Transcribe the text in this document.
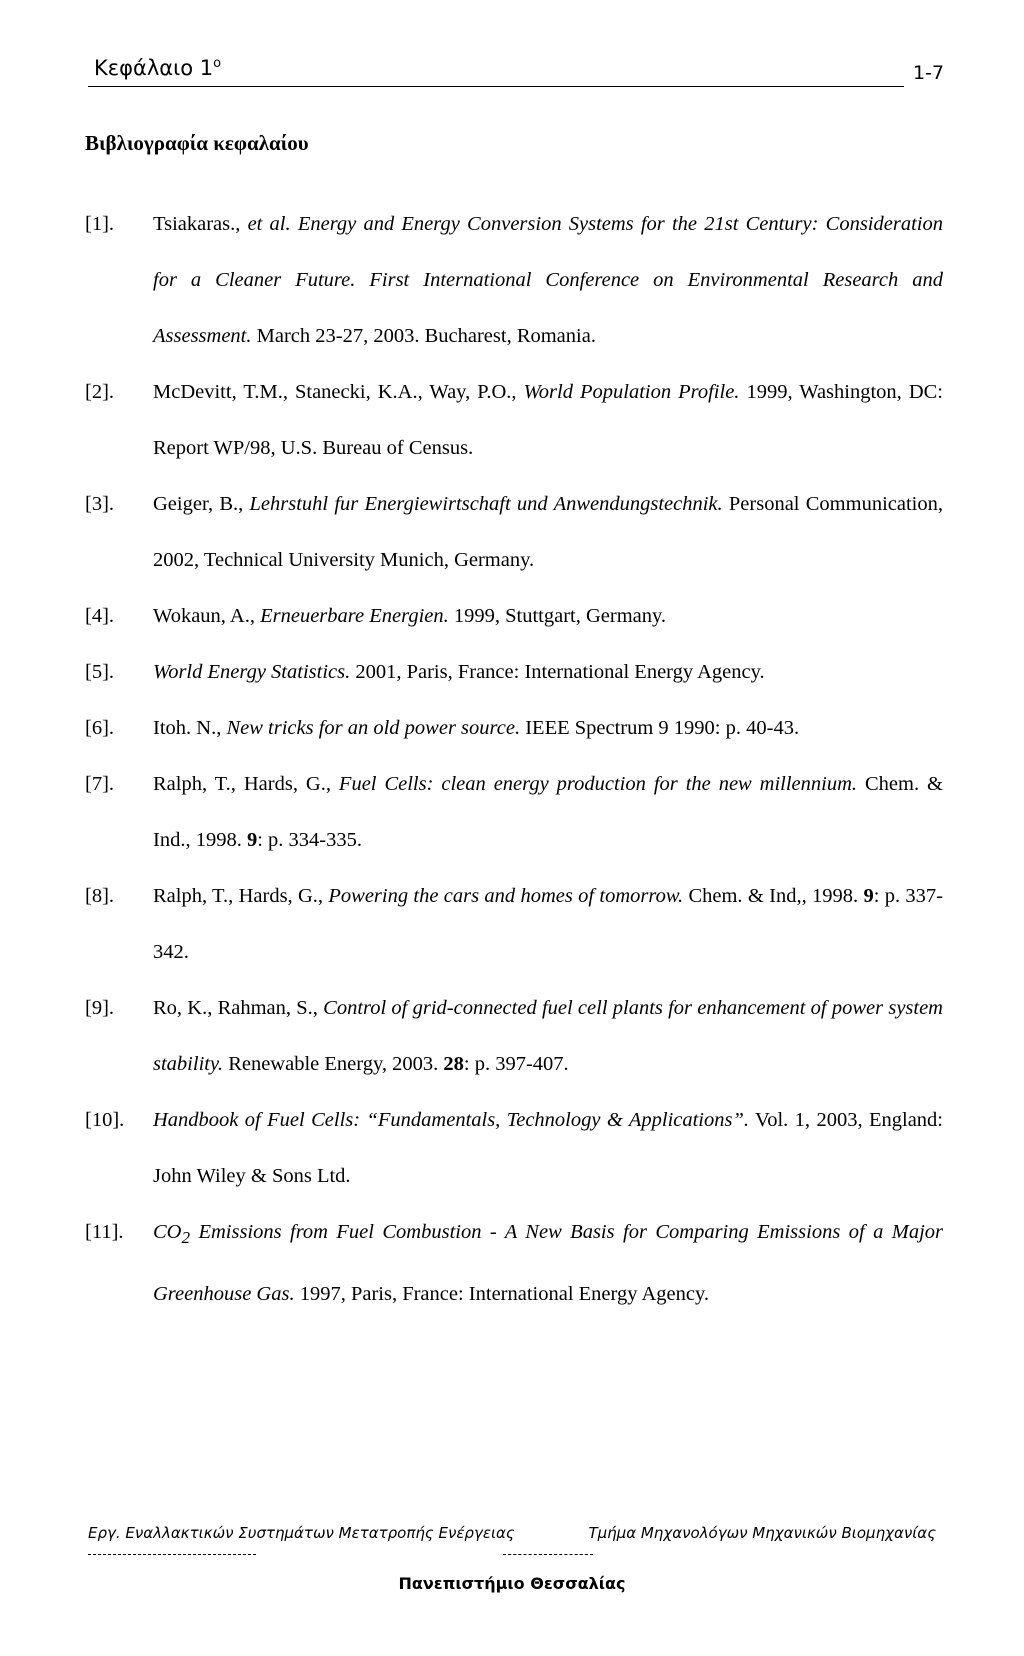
Κεφάλαιο $1^o$	1-7
Βιβλιογραφία κεφαλαίου
[1]. Tsiakaras., et al. Energy and Energy Conversion Systems for the 21st Century: Consideration for a Cleaner Future. First International Conference on Environmental Research and Assessment. March 23-27, 2003. Bucharest, Romania.
[2]. McDevitt, T.M., Stanecki, K.A., Way, P.O., World Population Profile. 1999, Washington, DC: Report WP/98, U.S. Bureau of Census.
[3]. Geiger, B., Lehrstuhl fur Energiewirtschaft und Anwendungstechnik. Personal Communication, 2002, Technical University Munich, Germany.
[4]. Wokaun, A., Erneuerbare Energien. 1999, Stuttgart, Germany.
[5]. World Energy Statistics. 2001, Paris, France: International Energy Agency.
[6]. Itoh. N., New tricks for an old power source. IEEE Spectrum 9 1990: p. 40-43.
[7]. Ralph, T., Hards, G., Fuel Cells: clean energy production for the new millennium. Chem. & Ind., 1998. 9: p. 334-335.
[8]. Ralph, T., Hards, G., Powering the cars and homes of tomorrow. Chem. & Ind,, 1998. 9: p. 337-342.
[9]. Ro, K., Rahman, S., Control of grid-connected fuel cell plants for enhancement of power system stability. Renewable Energy, 2003. 28: p. 397-407.
[10]. Handbook of Fuel Cells: “Fundamentals, Technology & Applications”. Vol. 1, 2003, England: John Wiley & Sons Ltd.
[11]. $CO_2$ Emissions from Fuel Combustion - A New Basis for Comparing Emissions of a Major Greenhouse Gas. 1997, Paris, France: International Energy Agency.
Εργ. Εναλλακτικών Συστημάτων Μετατροπής Ενέργειας	Τμήμα Μηχανολόγων Μηχανικών Βιομηχανίας
Πανεπιστήμιο Θεσσαλίας
